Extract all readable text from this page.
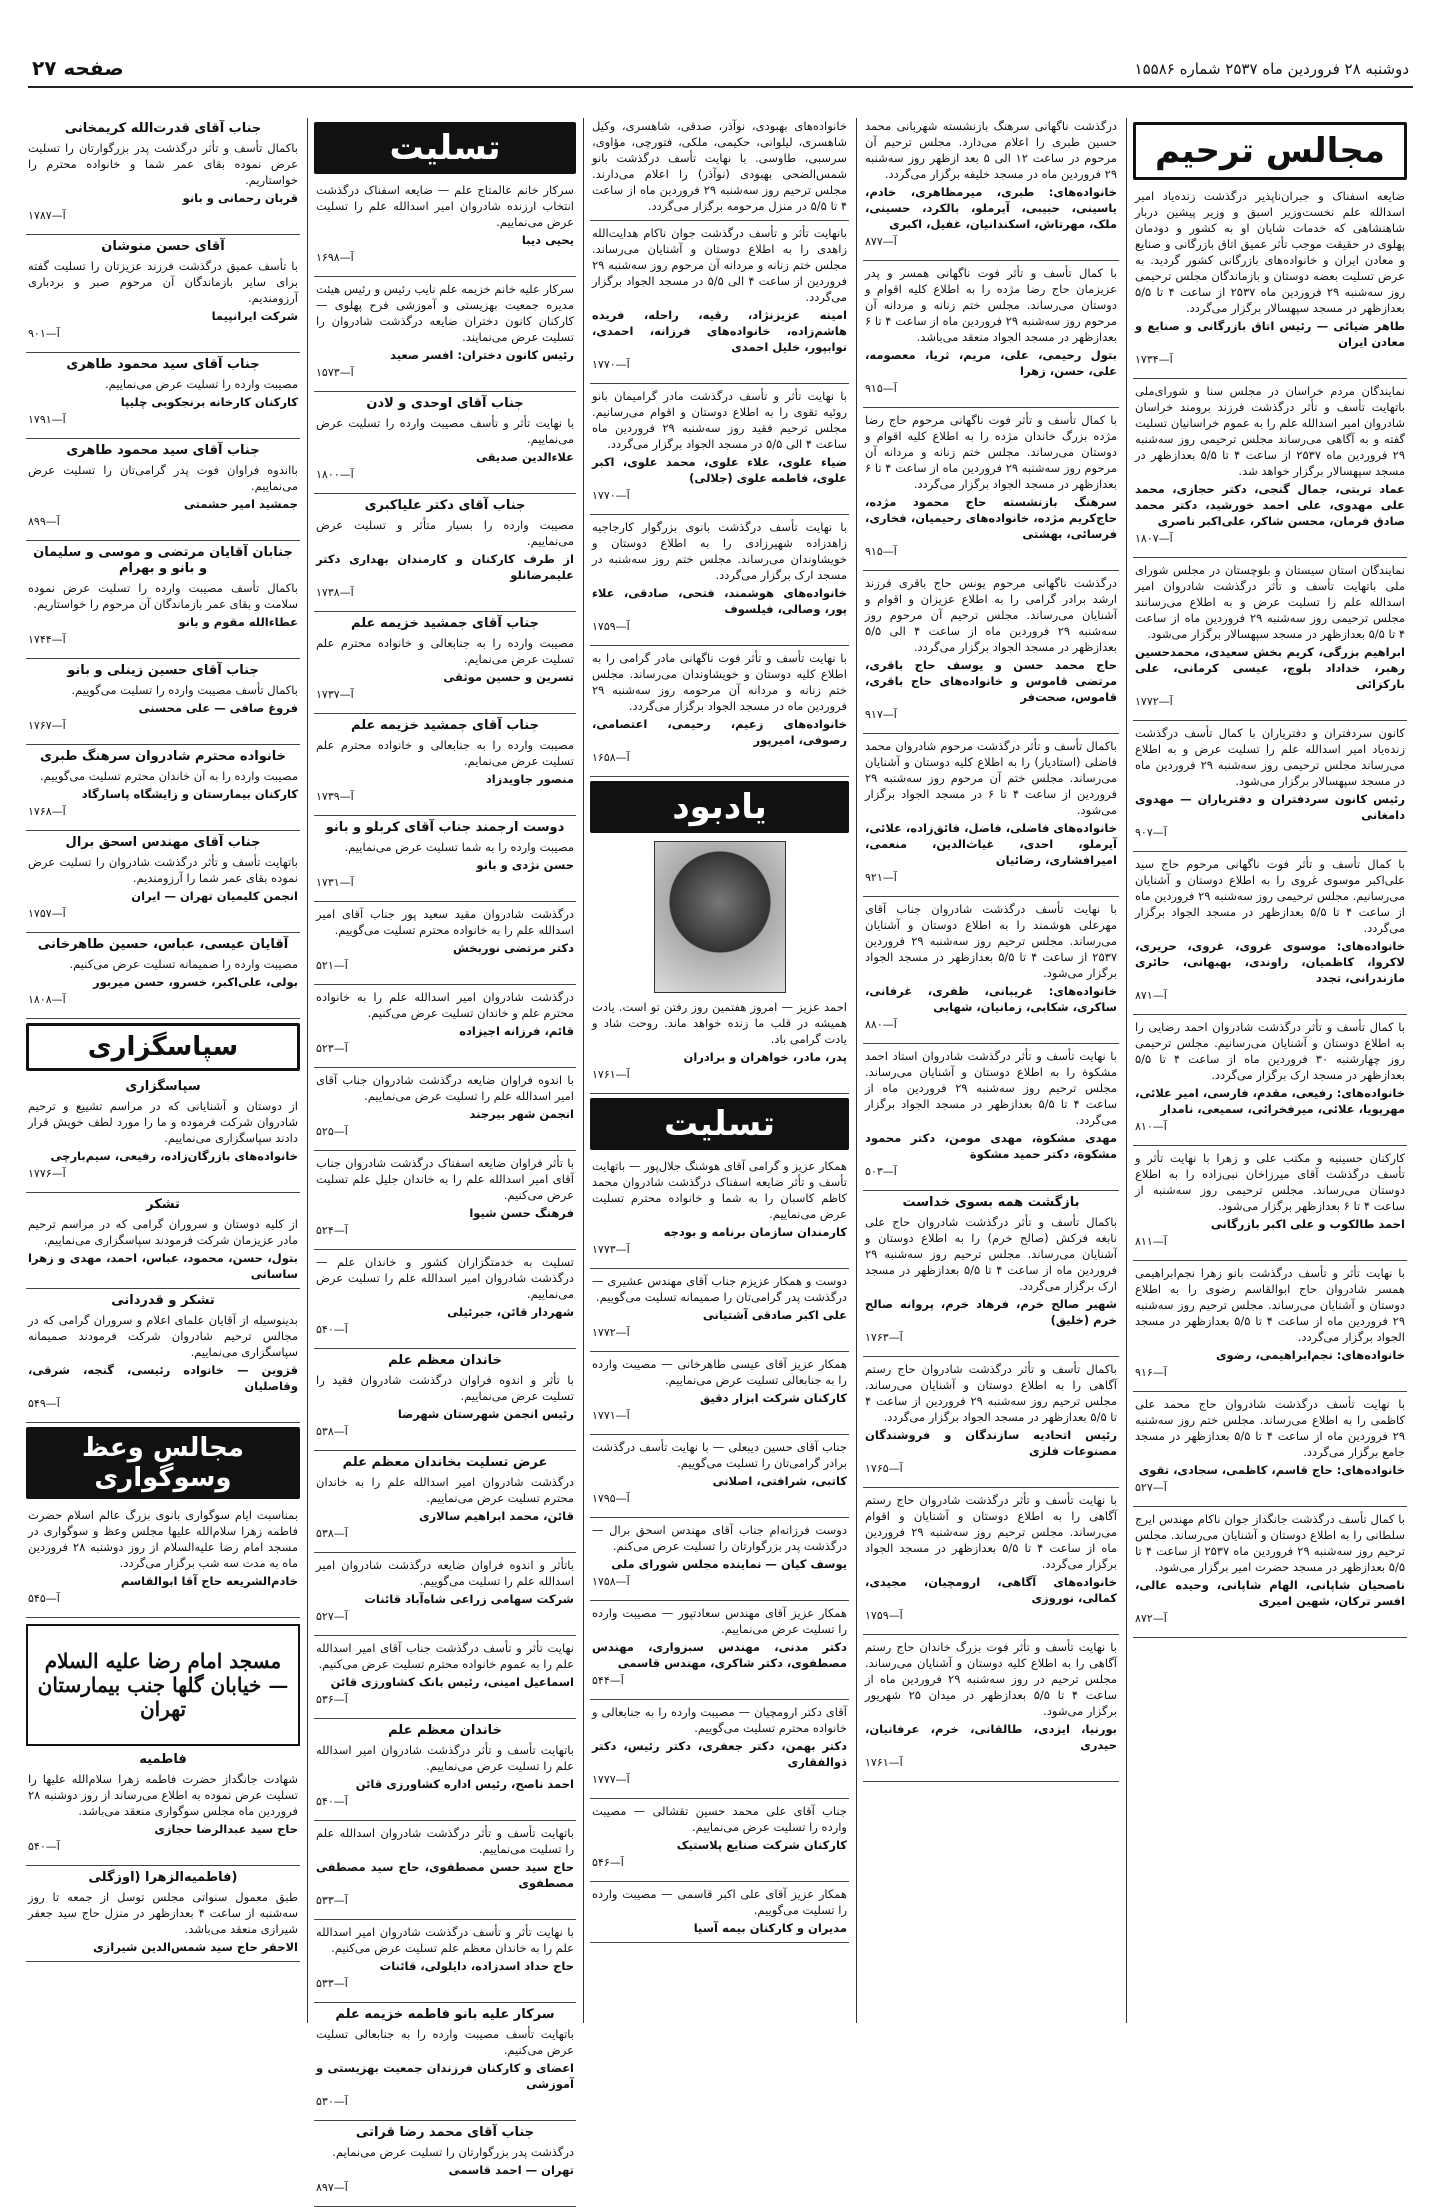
دوشنبه ۲۸ فروردین ماه ۲۵۳۷ شماره ۱۵۵۸۶
صفحه ۲۷
مجالس ترحیم
ضایعه اسفناک و جبران‌ناپذیر درگذشت زنده‌یاد امیر اسدالله علم نخست‌وزیر اسبق و وزیر پیشین دربار شاهنشاهی که خدمات شایان او به کشور و دودمان پهلوی در حقیقت موجب تأثر عمیق اتاق بازرگانی و صنایع و معادن ایران و خانواده‌های بازرگانی کشور گردید. به عرض تسلیت بعضه دوستان و بازماندگان مجلس ترحیمی روز سه‌شنبه ۲۹ فروردین ماه ۲۵۳۷ از ساعت ۴ تا ۵/۵ بعدازظهر در مسجد سپهسالار برگزار می‌گردد.
طاهر ضیائی — رئیس اتاق بازرگانی و صنایع و معادن ایران
آ—۱۷۳۴
نمایندگان مردم خراسان در مجلس سنا و شورای‌ملی باتهایت تأسف و تأثر درگذشت فرزند برومند خراسان شادروان امیر اسدالله علم را به عموم خراسانیان تسلیت گفته و به آگاهی می‌رساند مجلس ترحیمی روز سه‌شنبه ۲۹ فروردین ماه ۲۵۳۷ از ساعت ۴ تا ۵/۵ بعدازظهر در مسجد سپهسالار برگزار خواهد شد.
عماد تربتی، جمال گنجی، دکتر حجازی، محمد علی مهدوی، علی احمد خورشید، دکتر محمد صادق فرمان، محسن شاکر، علی‌اکبر ناصری
آ—۱۸۰۷
نمایندگان استان سیستان و بلوچستان در مجلس شورای ملی باتهایت تأسف و تأثر درگذشت شادروان امیر اسدالله علم را تسلیت عرض و به اطلاع می‌رسانند مجلس ترحیمی روز سه‌شنبه ۲۹ فروردین ماه از ساعت ۴ تا ۵/۵ بعدازظهر در مسجد سپهسالار برگزار می‌شود.
ابراهیم بزرگی، کریم بخش سعیدی، محمدحسین رهبر، خداداد بلوچ، عیسی کرمانی، علی بارکزائی
آ—۱۷۷۲
کانون سردفتران و دفتریاران با کمال تأسف درگذشت زنده‌یاد امیر اسدالله علم را تسلیت عرض و به اطلاع می‌رساند مجلس ترحیمی روز سه‌شنبه ۲۹ فروردین ماه در مسجد سپهسالار برگزار می‌شود.
رئیس کانون سردفتران و دفتریاران — مهدوی دامغانی
آ—۹۰۷
با کمال تأسف و تأثر فوت ناگهانی مرحوم حاج سید علی‌اکبر موسوی غروی را به اطلاع دوستان و آشنایان می‌رسانیم. مجلس ترحیمی روز سه‌شنبه ۲۹ فروردین ماه از ساعت ۴ تا ۵/۵ بعدازظهر در مسجد الجواد برگزار می‌گردد.
خانواده‌های: موسوی غروی، غروی، حریری، لاکروا، کاظمیان، راوندی، بهبهانی، حائری مازندرانی، تجدد
آ—۸۷۱
با کمال تأسف و تأثر درگذشت شادروان احمد رضایی را به اطلاع دوستان و آشنایان می‌رسانیم. مجلس ترحیمی روز چهارشنبه ۳۰ فروردین ماه از ساعت ۴ تا ۵/۵ بعدازظهر در مسجد ارک برگزار می‌گردد.
خانواده‌های: رفیعی، مقدم، فارسی، امیر علائی، مهرپویا، علائی، میرفخرائی، سمیعی، نامدار
آ—۸۱۰
کارکنان حسینیه و مکتب علی و زهرا با نهایت تأثر و تأسف درگذشت آقای میرزاخان نبی‌زاده را به اطلاع دوستان می‌رساند. مجلس ترحیمی روز سه‌شنبه از ساعت ۴ تا ۶ بعدازظهر برگزار می‌شود.
احمد طالکوب و علی اکبر بازرگانی
آ—۸۱۱
با نهایت تأثر و تأسف درگذشت بانو زهرا نجم‌ابراهیمی همسر شادروان حاج ابوالقاسم رضوی را به اطلاع دوستان و آشنایان می‌رساند. مجلس ترحیم روز سه‌شنبه ۲۹ فروردین ماه از ساعت ۴ تا ۵/۵ بعدازظهر در مسجد الجواد برگزار می‌گردد.
خانواده‌های: نجم‌ابراهیمی، رضوی
آ—۹۱۶
با نهایت تأسف درگذشت شادروان حاج محمد علی کاظمی را به اطلاع می‌رساند. مجلس ختم روز سه‌شنبه ۲۹ فروردین ماه از ساعت ۴ تا ۵/۵ بعدازظهر در مسجد جامع برگزار می‌گردد.
خانواده‌های: حاج قاسم، کاظمی، سجادی، تقوی
آ—۵۲۷
با کمال تأسف درگذشت جانگداز جوان ناکام مهندس ایرج سلطانی را به اطلاع دوستان و آشنایان می‌رساند. مجلس ترحیم روز سه‌شنبه ۲۹ فروردین ماه ۲۵۳۷ از ساعت ۴ تا ۵/۵ بعدازظهر در مسجد حضرت امیر برگزار می‌شود.
ناصحیان شاپانی، الهام شاپانی، وحیده عالی، افسر ترکان، شهین امیری
آ—۸۷۲
درگذشت ناگهانی سرهنگ بازنشسته شهربانی محمد حسین طبری را اعلام می‌دارد. مجلس ترحیم آن مرحوم در ساعت ۱۲ الی ۵ بعد ازظهر روز سه‌شنبه ۲۹ فروردین ماه در مسجد خلیفه برگزار می‌گردد.
خانواده‌های: طبری، میرمظاهری، خادم، یاسینی، حبیبی، آیرملو، بالکرد، حسینی، ملک، مهرتاش، اسکندانیان، غفیل، اکبری
آ—۸۷۷
با کمال تأسف و تأثر فوت ناگهانی همسر و پدر عزیزمان حاج رضا مژده را به اطلاع کلیه اقوام و دوستان می‌رساند. مجلس ختم زنانه و مردانه آن مرحوم روز سه‌شنبه ۲۹ فروردین ماه از ساعت ۴ تا ۶ بعدازظهر در مسجد الجواد منعقد می‌باشد.
بتول رحیمی، علی، مریم، ثریا، معصومه، علی، حسن، زهرا
آ—۹۱۵
با کمال تأسف و تأثر فوت ناگهانی مرحوم حاج رضا مژده بزرگ خاندان مژده را به اطلاع کلیه اقوام و دوستان می‌رساند. مجلس ختم زنانه و مردانه آن مرحوم روز سه‌شنبه ۲۹ فروردین ماه از ساعت ۴ تا ۶ بعدازظهر در مسجد الجواد برگزار می‌گردد.
سرهنگ بازنشسته حاج محمود مژده، حاج‌کریم مژده، خانواده‌های رحیمیان، فخاری، فرسائی، بهشتی
آ—۹۱۵
درگذشت ناگهانی مرحوم یونس حاج باقری فرزند ارشد برادر گرامی را به اطلاع عزیزان و اقوام و آشنایان می‌رساند. مجلس ترحیم آن مرحوم روز سه‌شنبه ۲۹ فروردین ماه از ساعت ۴ الی ۵/۵ بعدازظهر در مسجد الجواد برگزار می‌گردد.
حاج محمد حسن و یوسف حاج باقری، مرتضی قاموس و خانواده‌های حاج باقری، قاموس، صحت‌فر
آ—۹۱۷
باکمال تأسف و تأثر درگذشت مرحوم شادروان محمد فاضلی (استادیار) را به اطلاع کلیه دوستان و آشنایان می‌رساند. مجلس ختم آن مرحوم روز سه‌شنبه ۲۹ فروردین از ساعت ۴ تا ۶ در مسجد الجواد برگزار می‌شود.
خانواده‌های فاضلی، فاضل، فائق‌زاده، علائی، آیرملو، احدی، غیاث‌الدین، منعمی، امیرافشاری، رضائیان
آ—۹۲۱
با نهایت تأسف درگذشت شادروان جناب آقای مهرعلی هوشمند را به اطلاع دوستان و آشنایان می‌رساند. مجلس ترحیم روز سه‌شنبه ۲۹ فروردین ۲۵۳۷ از ساعت ۴ تا ۵/۵ بعدازظهر در مسجد الجواد برگزار می‌شود.
خانواده‌های: غریبانی، ظفری، غرفانی، ساکری، شکابی، زمانیان، شهابی
آ—۸۸۰
با نهایت تأسف و تأثر درگذشت شادروان استاد احمد مشکوة را به اطلاع دوستان و آشنایان می‌رساند. مجلس ترحیم روز سه‌شنبه ۲۹ فروردین ماه از ساعت ۴ تا ۵/۵ بعدازظهر در مسجد الجواد برگزار می‌گردد.
مهدی مشکوة، مهدی مومن، دکتر محمود مشکوة، دکتر حمید مشکوة
آ—۵۰۳
بازگشت همه بسوی خداست
باکمال تأسف و تأثر درگذشت شادروان حاج علی نابغه فرکش (صالح خرم) را به اطلاع دوستان و آشنایان می‌رساند. مجلس ترحیم روز سه‌شنبه ۲۹ فروردین ماه از ساعت ۴ تا ۵/۵ بعدازظهر در مسجد ارک برگزار می‌گردد.
شهیر صالح خرم، فرهاد خرم، پروانه صالح خرم (خلیق)
آ—۱۷۶۳
باکمال تأسف و تأثر درگذشت شادروان حاج رستم آگاهی را به اطلاع دوستان و آشنایان می‌رساند. مجلس ترحیم روز سه‌شنبه ۲۹ فروردین از ساعت ۴ تا ۵/۵ بعدازظهر در مسجد الجواد برگزار می‌گردد.
رئیس اتحادیه سازندگان و فروشندگان مصنوعات فلزی
آ—۱۷۶۵
با نهایت تأسف و تأثر درگذشت شادروان حاج رستم آگاهی را به اطلاع دوستان و آشنایان و اقوام می‌رساند. مجلس ترحیم روز سه‌شنبه ۲۹ فروردین ماه از ساعت ۴ تا ۵/۵ بعدازظهر در مسجد الجواد برگزار می‌گردد.
خانواده‌های آگاهی، ارومچیان، مجیدی، کمالی، نوروزی
آ—۱۷۵۹
با نهایت تأسف و تأثر فوت بزرگ خاندان حاج رستم آگاهی را به اطلاع کلیه دوستان و آشنایان می‌رساند. مجلس ترحیم در روز سه‌شنبه ۲۹ فروردین ماه از ساعت ۴ تا ۵/۵ بعدازظهر در میدان ۲۵ شهریور برگزار می‌شود.
بورنیا، ایزدی، طالقانی، خرم، عرفانیان، حیدری
آ—۱۷۶۱
خانواده‌های بهبودی، نوآذر، صدقی، شاهسری، وکیل شاهسری، لیلوانی، حکیمی، ملکی، فتورچی، مؤاوی، سرسبی، طاوسی. با نهایت تأسف درگذشت بانو شمس‌الضحی بهبودی (نوآذر) را اعلام می‌دارند. مجلس ترحیم روز سه‌شنبه ۲۹ فروردین ماه از ساعت ۴ تا ۵/۵ در منزل مرحومه برگزار می‌گردد.
بانهایت تأثر و تأسف درگذشت جوان ناکام هدایت‌الله زاهدی را به اطلاع دوستان و آشنایان می‌رساند. مجلس ختم زنانه و مردانه آن مرحوم روز سه‌شنبه ۲۹ فروردین از ساعت ۴ الی ۵/۵ در مسجد الجواد برگزار می‌گردد.
امینه عزیزنژاد، رقیه، راحله، فریده هاشم‌زاده، خانواده‌های فرزانه، احمدی، نوابپور، خلیل احمدی
آ—۱۷۷۰
با نهایت تأثر و تأسف درگذشت مادر گرامیمان بانو روئیه تقوی را به اطلاع دوستان و اقوام می‌رسانیم. مجلس ترحیم فقید روز سه‌شنبه ۲۹ فروردین ماه ساعت ۴ الی ۵/۵ در مسجد الجواد برگزار می‌گردد.
ضیاء علوی، علاء علوی، محمد علوی، اکبر علوی، فاطمه علوی (جلالی)
آ—۱۷۷۰
با نهایت تأسف درگذشت بانوی بزرگوار کارجاجیه زاهدزاده شهیرزادی را به اطلاع دوستان و خویشاوندان می‌رساند. مجلس ختم روز سه‌شنبه در مسجد ارک برگزار می‌گردد.
خانواده‌های هوشمند، فتحی، صادقی، علاء پور، وصالی، فیلسوف
آ—۱۷۵۹
با نهایت تأسف و تأثر فوت ناگهانی مادر گرامی را به اطلاع کلیه دوستان و خویشاوندان می‌رساند. مجلس ختم زنانه و مردانه آن مرحومه روز سه‌شنبه ۲۹ فروردین ماه در مسجد الجواد برگزار می‌گردد.
خانواده‌های زعیم، رحیمی، اعتصامی، رصوفی، امیرپور
آ—۱۶۵۸
یادبود
احمد عزیز — امروز هفتمین روز رفتن تو است. یادت همیشه در قلب ما زنده خواهد ماند. روحت شاد و یادت گرامی باد.
پدر، مادر، خواهران و برادران
آ—۱۷۶۱
تسلیت
همکار عزیز و گرامی آقای هوشنگ جلال‌پور — باتهایت تأسف و تأثر ضایعه اسفناک درگذشت شادروان محمد کاظم کاسبان را به شما و خانواده محترم تسلیت عرض می‌نماییم.
کارمندان سازمان برنامه و بودجه
آ—۱۷۷۳
دوست و همکار عزیزم جناب آقای مهندس عشیری — درگذشت پدر گرامی‌تان را صمیمانه تسلیت می‌گوییم.
علی اکبر صادقی آشتیانی
آ—۱۷۷۲
همکار عزیز آقای عیسی طاهرخانی — مصیبت وارده را به جنابعالی تسلیت عرض می‌نماییم.
کارکنان شرکت ابزار دقیق
آ—۱۷۷۱
جناب آقای حسین دیبعلی — با نهایت تأسف درگذشت برادر گرامی‌تان را تسلیت می‌گوییم.
کاتبی، شرافتی، اصلانی
آ—۱۷۹۵
دوست فرزانه‌ام جناب آقای مهندس اسحق برال — درگذشت پدر بزرگوارتان را تسلیت عرض می‌کنم.
یوسف کیان — نماینده مجلس شورای ملی
آ—۱۷۵۸
همکار عزیز آقای مهندس سعادتپور — مصیبت وارده را تسلیت عرض می‌نماییم.
دکتر مدنی، مهندس سبزواری، مهندس مصطفوی، دکتر شاکری، مهندس قاسمی
آ—۵۴۴
آقای دکتر ارومچیان — مصیبت وارده را به جنابعالی و خانواده محترم تسلیت می‌گوییم.
دکتر بهمن، دکتر جعفری، دکتر رئیس، دکتر ذوالفقاری
آ—۱۷۷۷
جناب آقای علی محمد حسین تقشالی — مصیبت وارده را تسلیت عرض می‌نماییم.
کارکنان شرکت صنایع پلاستیک
آ—۵۴۶
همکار عزیز آقای علی اکبر قاسمی — مصیبت وارده را تسلیت می‌گوییم.
مدیران و کارکنان بیمه آسیا
تسلیت
سرکار خانم عالمتاج علم — ضایعه اسفناک درگذشت انتخاب ارزنده شادروان امیر اسدالله علم را تسلیت عرض می‌نماییم.
یحیی دیبا
آ—۱۶۹۸
سرکار علیه خانم خزیمه علم نایب رئیس و رئیس هیئت مدیره جمعیت بهزیستی و آموزشی فرح پهلوی — کارکنان کانون دختران ضایعه درگذشت شادروان را تسلیت عرض می‌نمایند.
رئیس کانون دختران: افسر صعید
آ—۱۵۷۳
جناب آقای اوحدی و لادن
با نهایت تأثر و تأسف مصیبت وارده را تسلیت عرض می‌نماییم.
علاءالدین صدیقی
آ—۱۸۰۰
جناب آقای دکتر علیاکبری
مصیبت وارده را بسیار متأثر و تسلیت عرض می‌نماییم.
از طرف کارکنان و کارمندان بهداری دکتر علیمرضانلو
آ—۱۷۳۸
جناب آقای جمشید خزیمه علم
مصیبت وارده را به جنابعالی و خانواده محترم علم تسلیت عرض می‌نمایم.
تسرین و حسین موثقی
آ—۱۷۳۷
جناب آقای جمشید خزیمه علم
مصیبت وارده را به جنابعالی و خانواده محترم علم تسلیت عرض می‌نمایم.
منصور جاویدزاد
آ—۱۷۳۹
دوست ارجمند جناب آقای کربلو و بانو
مصیبت وارده را به شما تسلیت عرض می‌نماییم.
حسن نژدی و بانو
آ—۱۷۳۱
درگذشت شادروان مقید سعید پور جناب آقای امیر اسدالله علم را به خانواده محترم تسلیت می‌گوییم.
دکتر مرتضی نوربخش
آ—۵۲۱
درگذشت شادروان امیر اسدالله علم را به خانواده محترم علم و خاندان تسلیت عرض می‌کنیم.
قائم، فرزانه اجیزاده
آ—۵۲۳
با اندوه فراوان ضایعه درگذشت شادروان جناب آقای امیر اسدالله علم را تسلیت عرض می‌نماییم.
انجمن شهر بیرجند
آ—۵۲۵
با تأثر فراوان ضایعه اسفناک درگذشت شادروان جناب آقای امیر اسدالله علم را به خاندان جلیل علم تسلیت عرض می‌کنیم.
فرهنگ حسن شیوا
آ—۵۲۴
تسلیت به خدمتگزاران کشور و خاندان علم — درگذشت شادروان امیر اسدالله علم را تسلیت عرض می‌نماییم.
شهردار قائن، جبرئیلی
آ—۵۴۰
خاندان معظم علم
با تأثر و اندوه فراوان درگذشت شادروان فقید را تسلیت عرض می‌نماییم.
رئیس انجمن شهرستان شهرضا
آ—۵۳۸
عرض تسلیت بخاندان معظم علم
درگذشت شادروان امیر اسدالله علم را به خاندان محترم تسلیت عرض می‌نماییم.
قائن، محمد ابراهیم سالاری
آ—۵۳۸
باتأثر و اندوه فراوان ضایعه درگذشت شادروان امیر اسدالله علم را تسلیت می‌گوییم.
شرکت سهامی زراعی شاه‌آباد قائنات
آ—۵۲۷
نهایت تأثر و تأسف درگذشت جناب آقای امیر اسدالله علم را به عموم خانواده محترم تسلیت عرض می‌کنیم.
اسماعیل امینی، رئیس بانک کشاورزی قائن
آ—۵۳۶
خاندان معظم علم
باتهایت تأسف و تأثر درگذشت شادروان امیر اسدالله علم را تسلیت عرض می‌نماییم.
احمد ناصح، رئیس اداره کشاورزی قائن
آ—۵۴۰
باتهایت تأسف و تأثر درگذشت شادروان اسدالله علم را تسلیت می‌نماییم.
حاج سید حسن مصطفوی، حاج سید مصطفی مصطفوی
آ—۵۳۳
با نهایت تأثر و تأسف درگذشت شادروان امیر اسدالله علم را به خاندان معظم علم تسلیت عرض می‌کنیم.
حاج حداد اسدزاده، دایلولی، قائنات
آ—۵۳۳
سرکار علیه بانو فاطمه خزیمه علم
باتهایت تأسف مصیبت وارده را به جنابعالی تسلیت عرض می‌کنیم.
اعضای و کارکنان فرزندان جمعیت بهزیستی و آموزشی
آ—۵۳۰
جناب آقای محمد رضا قراتی
درگذشت پدر بزرگوارتان را تسلیت عرض می‌نمایم.
تهران — احمد قاسمی
آ—۸۹۷
جناب آقای قدرت‌الله کریمخانی
باکمال تأسف و تأثر درگذشت پدر بزرگوارتان را تسلیت عرض نموده بقای عمر شما و خانواده محترم را خواستاریم.
قربان رحمانی و بانو
آ—۱۷۸۷
آقای حسن منوشان
با تأسف عمیق درگذشت فرزند عزیزتان را تسلیت گفته برای سایر بازماندگان آن مرحوم صبر و بردباری آرزومندیم.
شرکت ایرانپیما
آ—۹۰۱
جناب آقای سید محمود طاهری
مصیبت وارده را تسلیت عرض می‌نماییم.
کارکنان کارخانه برنجکوبی چلیپا
آ—۱۷۹۱
جناب آقای سید محمود طاهری
بااندوه فراوان فوت پدر گرامی‌تان را تسلیت عرض می‌نماییم.
جمشید امیر حشمتی
آ—۸۹۹
جنابان آقایان مرتضی و موسی و سلیمان و بانو و بهرام
باکمال تأسف مصیبت وارده را تسلیت عرض نموده سلامت و بقای عمر بازماندگان آن مرحوم را خواستاریم.
عطاءالله مقوم و بانو
آ—۱۷۴۴
جناب آقای حسین زینلی و بانو
باکمال تأسف مصیبت وارده را تسلیت می‌گوییم.
فروغ صافی — علی محسنی
آ—۱۷۶۷
خانواده محترم شادروان سرهنگ طبری
مصیبت وارده را به آن خاندان محترم تسلیت می‌گوییم.
کارکنان بیمارستان و زایشگاه پاسارگاد
آ—۱۷۶۸
جناب آقای مهندس اسحق برال
باتهایت تأسف و تأثر درگذشت شادروان را تسلیت عرض نموده بقای عمر شما را آرزومندیم.
انجمن کلیمیان تهران — ایران
آ—۱۷۵۷
آقایان عیسی، عباس، حسین طاهرخانی
مصیبت وارده را صمیمانه تسلیت عرض می‌کنیم.
بولی، علی‌اکبر، خسرو، حسن میربور
آ—۱۸۰۸
سپاسگزاری
سپاسگزاری
از دوستان و آشنایانی که در مراسم تشییع و ترحیم شادروان شرکت فرموده و ما را مورد لطف خویش قرار دادند سپاسگزاری می‌نماییم.
خانواده‌های بازرگان‌زاده، رفیعی، سیم‌بارچی
آ—۱۷۷۶
تشکر
از کلیه دوستان و سروران گرامی که در مراسم ترحیم مادر عزیزمان شرکت فرمودند سپاسگزاری می‌نماییم.
بتول، حسن، محمود، عباس، احمد، مهدی و زهرا ساسانی
تشکر و قدردانی
بدینوسیله از آقایان علمای اعلام و سروران گرامی که در مجالس ترحیم شادروان شرکت فرمودند صمیمانه سپاسگزاری می‌نماییم.
قزوین — خانواده رئیسی، گنجه، شرقی، وقاصلیان
آ—۵۴۹
مجالس وعظ وسوگواری
بمناسبت ایام سوگواری بانوی بزرگ عالم اسلام حضرت فاطمه زهرا سلام‌الله علیها مجلس وعظ و سوگواری در مسجد امام رضا علیه‌السلام از روز دوشنبه ۲۸ فروردین ماه به مدت سه شب برگزار می‌گردد.
خادم‌الشریعه حاج آقا ابوالقاسم
آ—۵۴۵
مسجد امام رضا علیه السلام — خیابان گلها جنب بیمارستان تهران
فاطمیه
شهادت جانگداز حضرت فاطمه زهرا سلام‌الله علیها را تسلیت عرض نموده به اطلاع می‌رساند از روز دوشنبه ۲۸ فروردین ماه مجلس سوگواری منعقد می‌باشد.
حاج سید عبدالرضا حجازی
آ—۵۴۰
(فاطمیه‌الزهرا (اوزگلی
طبق معمول سنواتی مجلس توسل از جمعه تا روز سه‌شنبه از ساعت ۴ بعدازظهر در منزل حاج سید جعفر شیرازی منعقد می‌باشد.
الاحقر حاج سید شمس‌الدین شیرازی
